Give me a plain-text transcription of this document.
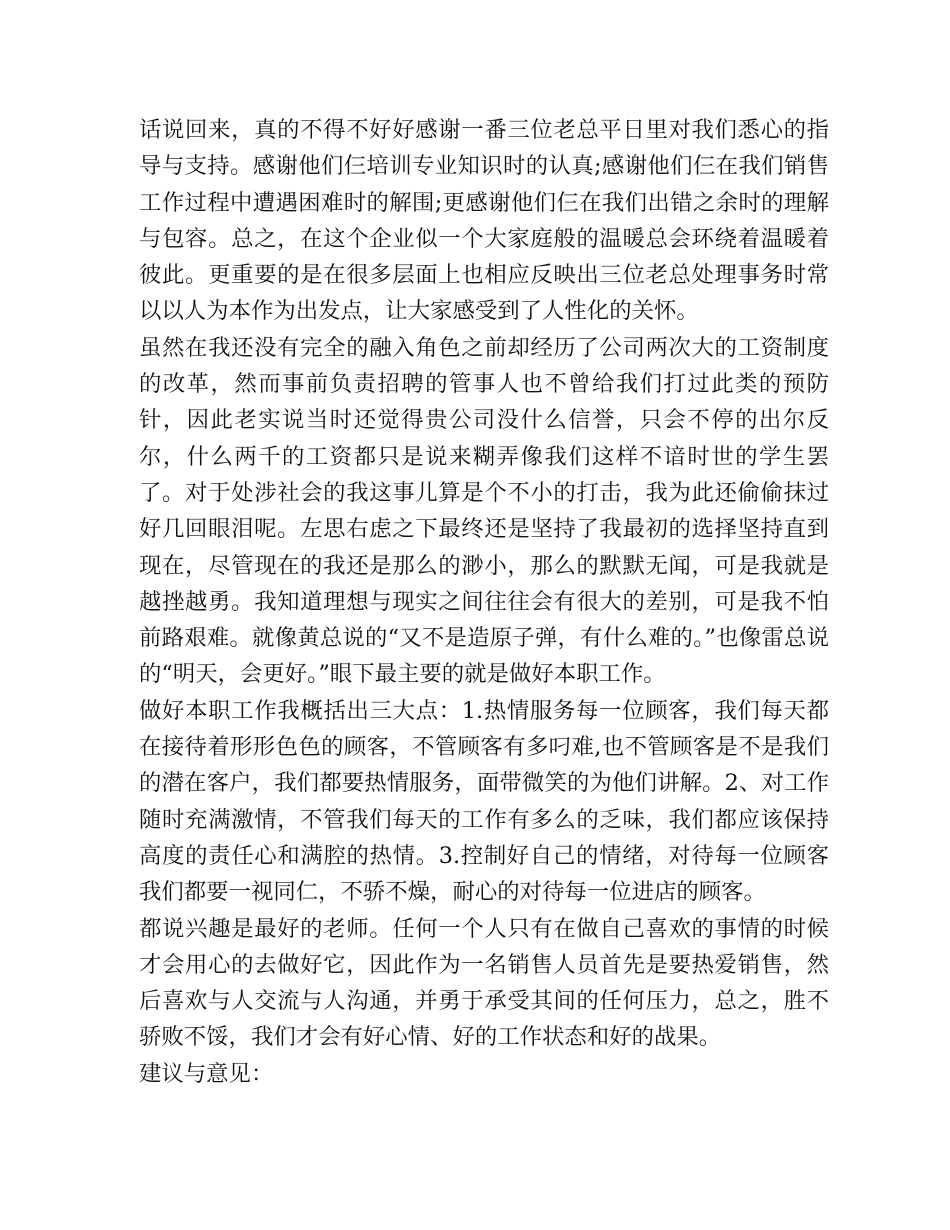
话说回来，真的不得不好好感谢一番三位老总平日里对我们悉心的指导与支持。感谢他们仨培训专业知识时的认真;感谢他们仨在我们销售工作过程中遭遇困难时的解围;更感谢他们仨在我们出错之余时的理解与包容。总之，在这个企业似一个大家庭般的温暖总会环绕着温暖着彼此。更重要的是在很多层面上也相应反映出三位老总处理事务时常以以人为本作为出发点，让大家感受到了人性化的关怀。

虽然在我还没有完全的融入角色之前却经历了公司两次大的工资制度的改革，然而事前负责招聘的管事人也不曾给我们打过此类的预防针，因此老实说当时还觉得贵公司没什么信誉，只会不停的出尔反尔，什么两千的工资都只是说来糊弄像我们这样不谙时世的学生罢了。对于处涉社会的我这事儿算是个不小的打击，我为此还偷偷抹过好几回眼泪呢。左思右虑之下最终还是坚持了我最初的选择坚持直到现在，尽管现在的我还是那么的渺小，那么的默默无闻，可是我就是越挫越勇。我知道理想与现实之间往往会有很大的差别，可是我不怕前路艰难。就像黄总说的“又不是造原子弹，有什么难的。”也像雷总说的“明天，会更好。”眼下最主要的就是做好本职工作。

做好本职工作我概括出三大点：1.热情服务每一位顾客，我们每天都在接待着形形色色的顾客，不管顾客有多叼难,也不管顾客是不是我们的潜在客户，我们都要热情服务，面带微笑的为他们讲解。2、对工作随时充满激情，不管我们每天的工作有多么的乏味，我们都应该保持高度的责任心和满腔的热情。3.控制好自己的情绪，对待每一位顾客我们都要一视同仁，不骄不燥，耐心的对待每一位进店的顾客。

都说兴趣是最好的老师。任何一个人只有在做自己喜欢的事情的时候才会用心的去做好它，因此作为一名销售人员首先是要热爱销售，然后喜欢与人交流与人沟通，并勇于承受其间的任何压力，总之，胜不骄败不馁，我们才会有好心情、好的工作状态和好的战果。

建议与意见：
